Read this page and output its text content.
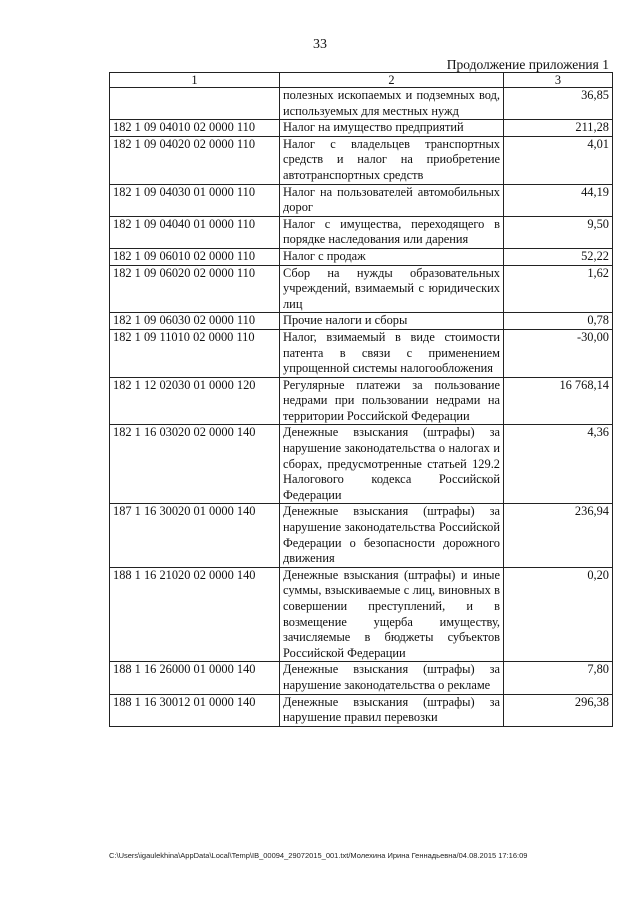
33
Продолжение приложения 1
1	2	3
	полезных ископаемых и подземных вод, используемых для местных нужд	36,85
182 1 09 04010 02 0000 110	Налог на имущество предприятий	211,28
182 1 09 04020 02 0000 110	Налог с владельцев транспортных средств и налог на приобретение автотранспортных средств	4,01
182 1 09 04030 01 0000 110	Налог на пользователей автомобильных дорог	44,19
182 1 09 04040 01 0000 110	Налог с имущества, переходящего в порядке наследования или дарения	9,50
182 1 09 06010 02 0000 110	Налог с продаж	52,22
182 1 09 06020 02 0000 110	Сбор на нужды образовательных учреждений, взимаемый с юридических лиц	1,62
182 1 09 06030 02 0000 110	Прочие налоги и сборы	0,78
182 1 09 11010 02 0000 110	Налог, взимаемый в виде стоимости патента в связи с применением упрощенной системы налогообложения	-30,00
182 1 12 02030 01 0000 120	Регулярные платежи за пользование недрами при пользовании недрами на территории Российской Федерации	16 768,14
182 1 16 03020 02 0000 140	Денежные взыскания (штрафы) за нарушение законодательства о налогах и сборах, предусмотренные статьей 129.2 Налогового кодекса Российской Федерации	4,36
187 1 16 30020 01 0000 140	Денежные взыскания (штрафы) за нарушение законодательства Российской Федерации о безопасности дорожного движения	236,94
188 1 16 21020 02 0000 140	Денежные взыскания (штрафы) и иные суммы, взыскиваемые с лиц, виновных в совершении преступлений, и в возмещение ущерба имуществу, зачисляемые в бюджеты субъектов Российской Федерации	0,20
188 1 16 26000 01 0000 140	Денежные взыскания (штрафы) за нарушение законодательства о рекламе	7,80
188 1 16 30012 01 0000 140	Денежные взыскания (штрафы) за нарушение правил перевозки	296,38
C:\Users\igaulekhina\AppData\Local\Temp\IB_00094_29072015_001.txt/Молехина Ирина Геннадьевна/04.08.2015 17:16:09
